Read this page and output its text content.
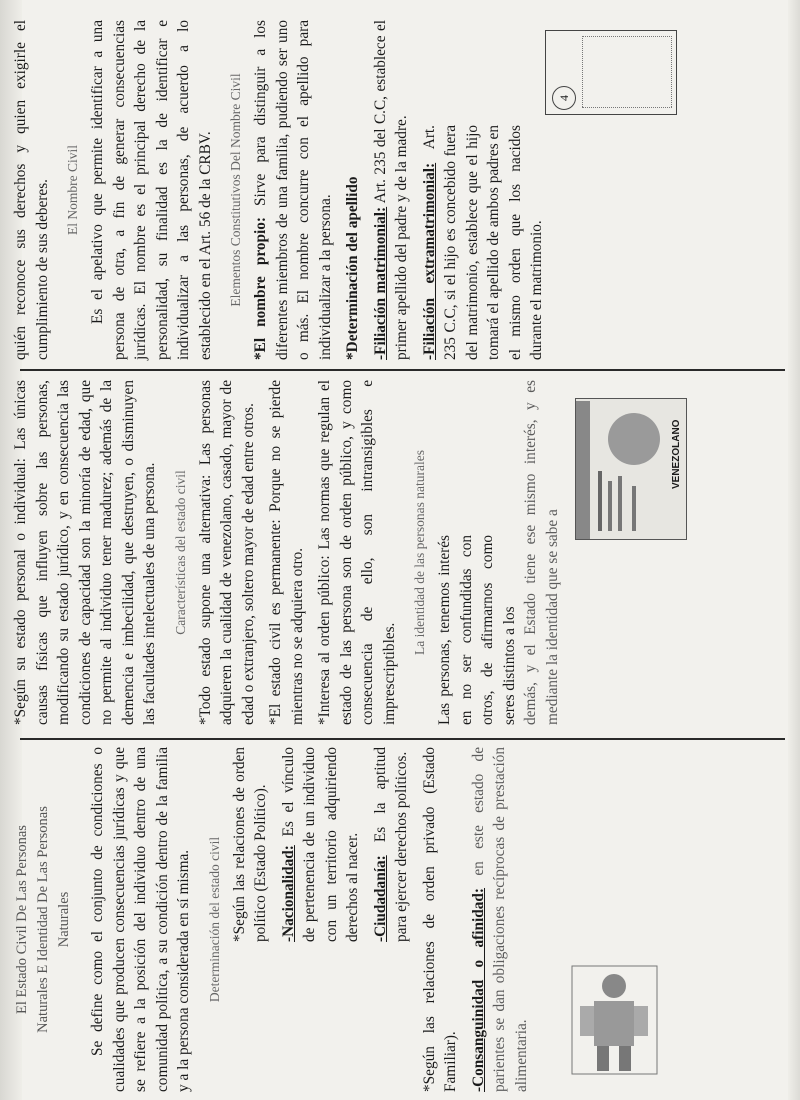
El Estado Civil De Las Personas Naturales E Identidad De Las Personas Naturales Se define como el conjunto de condiciones o cualidades que producen consecuencias jurídicas y que se refiere a la posición del individuo dentro de una comunidad política, a su condición dentro de la familia y a la persona considerada en sí misma. Determinación del estado civil *Según las relaciones de orden político (Estado Político). -Nacionalidad: Es el vínculo de pertenencia de un individuo con un territorio adquiriendo derechos al nacer. -Ciudadanía: Es la aptitud para ejercer derechos políticos. *Según las relaciones de orden privado (Estado Familiar). -Consanguinidad o afinidad: en este estado de parientes se dan obligaciones recíprocas de prestación alimentaria.

*Según su estado personal o individual: Las únicas causas físicas que influyen sobre las personas, modificando su estado jurídico, y en consecuencia las condiciones de capacidad son la minoría de edad, que no permite al individuo tener madurez; además de la demencia e imbecilidad, que destruyen, o disminuyen las facultades intelectuales de una persona. Características del estado civil *Todo estado supone una alternativa: Las personas adquieren la cualidad de venezolano, casado, mayor de edad o extranjero, soltero mayor de edad entre otros. *El estado civil es permanente: Porque no se pierde mientras no se adquiera otro. *Interesa al orden público: Las normas que regulan el estado de las persona son de orden público, y como consecuencia de ello, son intransigibles e imprescriptibles.

La identidad de las personas naturales Las personas, tenemos interés en no ser confundidas con otros, de afirmarnos como seres distintos a los demás, y el Estado tiene ese mismo interés, y es mediante la identidad que se sabe a

VENEZOLANO

quién reconoce sus derechos y quien exigirle el cumplimiento de sus deberes. El Nombre Civil Es el apelativo que permite identificar a una persona de otra, a fin de generar consecuencias jurídicas. El nombre es el principal derecho de la personalidad, su finalidad es la de identificar e individualizar a las personas, de acuerdo a lo establecido en el Art. 56 de la CRBV. Elementos Constitutivos Del Nombre Civil *El nombre propio: Sirve para distinguir a los diferentes miembros de una familia, pudiendo ser uno o más. El nombre concurre con el apellido para individualizar a la persona. *Determinación del apellido -Filiación matrimonial: Art. 235 del C.C, establece el primer apellido del padre y de la madre. -Filiación extramatrimonial: Art. 235 C.C, si el hijo es concebido fuera del matrimonio, establece que el hijo tomará el apellido de ambos padres en el mismo orden que los nacidos durante el matrimonio.

4
